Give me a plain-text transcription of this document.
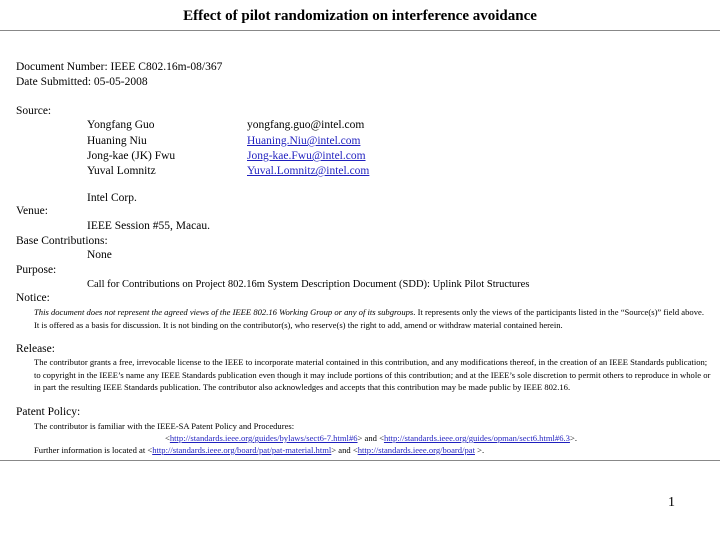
Effect of pilot randomization on interference avoidance
Document Number: IEEE C802.16m-08/367
Date Submitted: 05-05-2008
Source:
Yongfang Guo
Huaning Niu
Jong-kae (JK) Fwu
Yuval Lomnitz
yongfang.guo@intel.com
Huaning.Niu@intel.com
Jong-kae.Fwu@intel.com
Yuval.Lomnitz@intel.com
Intel Corp.
Venue:
IEEE Session #55, Macau.
Base Contributions:
None
Purpose:
Call for Contributions on Project 802.16m System Description Document (SDD): Uplink Pilot Structures
Notice:
This document does not represent the agreed views of the IEEE 802.16 Working Group or any of its subgroups. It represents only the views of the participants listed in the “Source(s)” field above. It is offered as a basis for discussion. It is not binding on the contributor(s), who reserve(s) the right to add, amend or withdraw material contained herein.
Release:
The contributor grants a free, irrevocable license to the IEEE to incorporate material contained in this contribution, and any modifications thereof, in the creation of an IEEE Standards publication; to copyright in the IEEE’s name any IEEE Standards publication even though it may include portions of this contribution; and at the IEEE’s sole discretion to permit others to reproduce in whole or in part the resulting IEEE Standards publication. The contributor also acknowledges and accepts that this contribution may be made public by IEEE 802.16.
Patent Policy:
The contributor is familiar with the IEEE-SA Patent Policy and Procedures:
<http://standards.ieee.org/guides/bylaws/sect6-7.html#6> and <http://standards.ieee.org/guides/opman/sect6.html#6.3>.
Further information is located at <http://standards.ieee.org/board/pat/pat-material.html> and <http://standards.ieee.org/board/pat >.
1
